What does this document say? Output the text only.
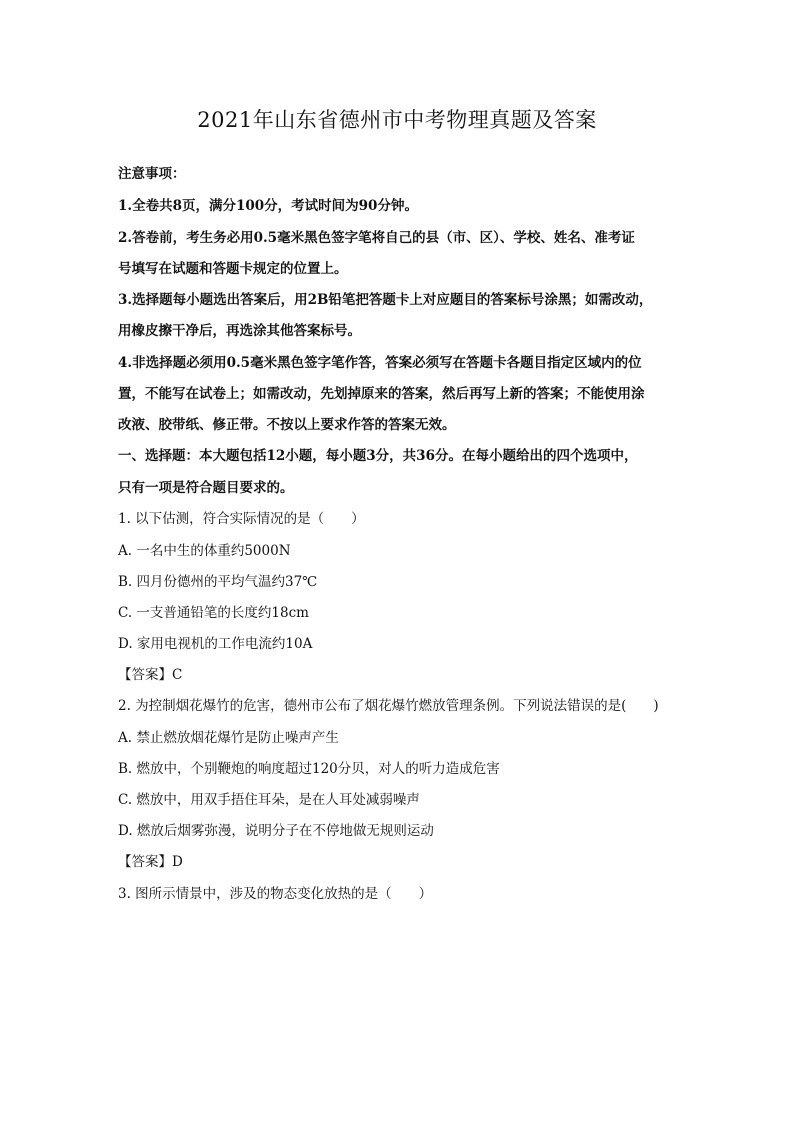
2021年山东省德州市中考物理真题及答案
注意事项：
1.全卷共8页，满分100分，考试时间为90分钟。
2.答卷前，考生务必用0.5毫米黑色签字笔将自己的县（市、区）、学校、姓名、准考证
号填写在试题和答题卡规定的位置上。
3.选择题每小题选出答案后，用2B铅笔把答题卡上对应题目的答案标号涂黑；如需改动，
用橡皮擦干净后，再选涂其他答案标号。
4.非选择题必须用0.5毫米黑色签字笔作答，答案必须写在答题卡各题目指定区域内的位
置，不能写在试卷上；如需改动，先划掉原来的答案，然后再写上新的答案；不能使用涂
改液、胶带纸、修正带。不按以上要求作答的答案无效。
一、选择题：本大题包括12小题，每小题3分，共36分。在每小题给出的四个选项中，
只有一项是符合题目要求的。
1. 以下估测，符合实际情况的是（　　）
A. 一名中生的体重约5000N
B. 四月份德州的平均气温约37℃
C. 一支普通铅笔的长度约18cm
D. 家用电视机的工作电流约10A
【答案】C
2. 为控制烟花爆竹的危害，德州市公布了烟花爆竹燃放管理条例。下列说法错误的是(　　)
A. 禁止燃放烟花爆竹是防止噪声产生
B. 燃放中，个别鞭炮的响度超过120分贝，对人的听力造成危害
C. 燃放中，用双手捂住耳朵，是在人耳处减弱噪声
D. 燃放后烟雾弥漫，说明分子在不停地做无规则运动
【答案】D
3. 图所示情景中，涉及的物态变化放热的是（　　）
